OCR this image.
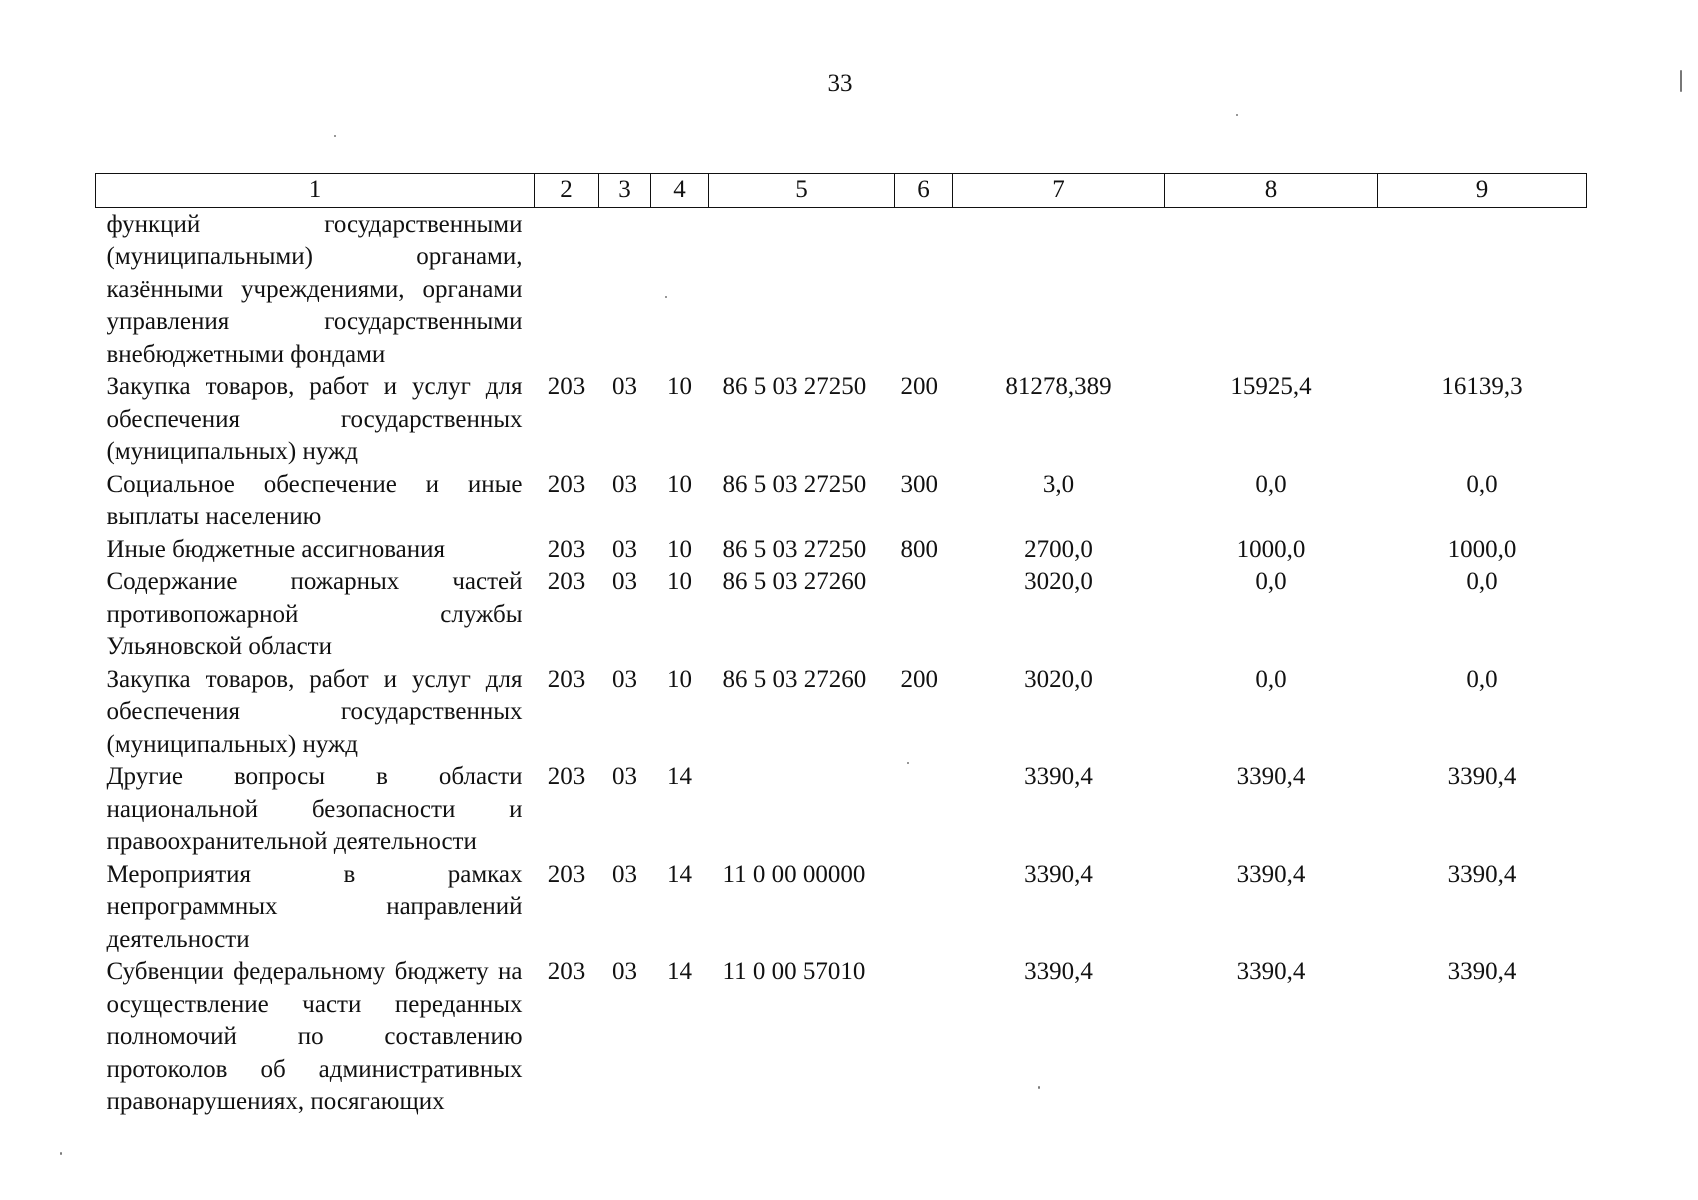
33
1	2	3	4	5	6	7	8	9
функций государственными (муниципальными) органами, казёнными учреждениями, органами управления государственными внебюджетными фондами								
Закупка товаров, работ и услуг для обеспечения государственных (муниципальных) нужд	203	03	10	86 5 03 27250	200	81278,389	15925,4	16139,3
Социальное обеспечение и иные выплаты населению	203	03	10	86 5 03 27250	300	3,0	0,0	0,0
Иные бюджетные ассигнования	203	03	10	86 5 03 27250	800	2700,0	1000,0	1000,0
Содержание пожарных частей противопожарной службы Ульяновской области	203	03	10	86 5 03 27260		3020,0	0,0	0,0
Закупка товаров, работ и услуг для обеспечения государственных (муниципальных) нужд	203	03	10	86 5 03 27260	200	3020,0	0,0	0,0
Другие вопросы в области национальной безопасности и правоохранительной деятельности	203	03	14			3390,4	3390,4	3390,4
Мероприятия в рамках непрограммных направлений деятельности	203	03	14	11 0 00 00000		3390,4	3390,4	3390,4
Субвенции федеральному бюджету на осуществление части переданных полномочий по составлению протоколов об административных правонарушениях, посягающих	203	03	14	11 0 00 57010		3390,4	3390,4	3390,4
